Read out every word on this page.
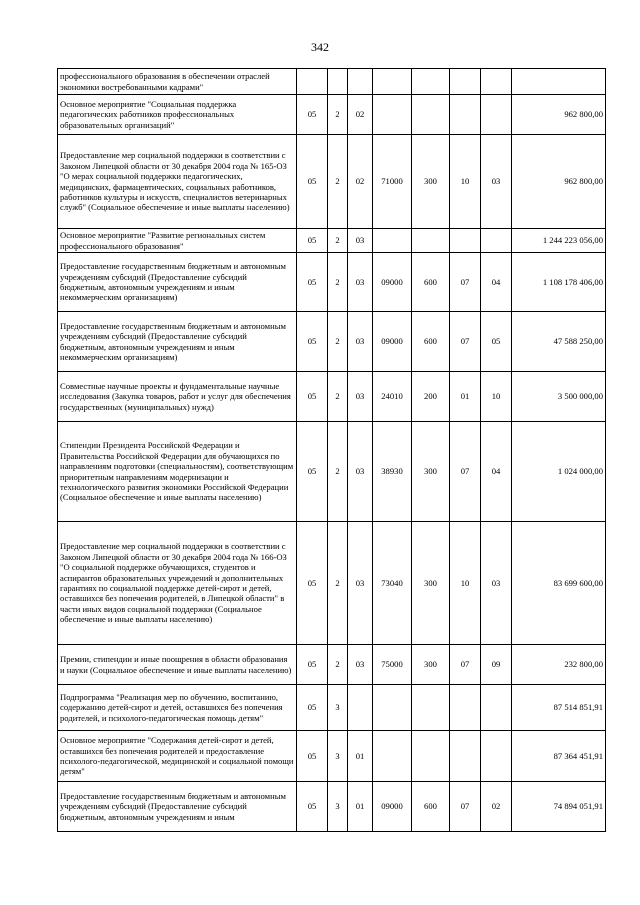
342
профессионального образования в обеспечении отраслей экономики востребованными кадрами"								
Основное мероприятие "Социальная поддержка педагогических работников профессиональных образовательных организаций"	05	2	02					962 800,00
Предоставление мер социальной поддержки в соответствии с Законом Липецкой области от 30 декабря 2004 года № 165-ОЗ "О мерах социальной поддержки педагогических, медицинских, фармацевтических, социальных работников, работников культуры и искусств, специалистов ветеринарных служб" (Социальное обеспечение и иные выплаты населению)	05	2	02	71000	300	10	03	962 800,00
Основное мероприятие "Развитие региональных систем профессионального образования"	05	2	03					1 244 223 056,00
Предоставление государственным бюджетным и автономным учреждениям субсидий (Предоставление субсидий бюджетным, автономным учреждениям и иным некоммерческим организациям)	05	2	03	09000	600	07	04	1 108 178 406,00
Предоставление государственным бюджетным и автономным учреждениям субсидий (Предоставление субсидий бюджетным, автономным учреждениям и иным некоммерческим организациям)	05	2	03	09000	600	07	05	47 588 250,00
Совместные научные проекты и фундаментальные научные исследования (Закупка товаров, работ и услуг для обеспечения государственных (муниципальных) нужд)	05	2	03	24010	200	01	10	3 500 000,00
Стипендии Президента Российской Федерации и Правительства Российской Федерации для обучающихся по направлениям подготовки (специальностям), соответствующим приоритетным направлениям модернизации и технологического развития экономики Российской Федерации (Социальное обеспечение и иные выплаты населению)	05	2	03	38930	300	07	04	1 024 000,00
Предоставление мер социальной поддержки в соответствии с Законом Липецкой области от 30 декабря 2004 года № 166-ОЗ "О социальной поддержке обучающихся, студентов и аспирантов образовательных учреждений и дополнительных гарантиях по социальной поддержке детей-сирот и детей, оставшихся без попечения родителей, в Липецкой области" в части иных видов социальной поддержки (Социальное обеспечение и иные выплаты населению)	05	2	03	73040	300	10	03	83 699 600,00
Премии, стипендии и иные поощрения в области образования и науки (Социальное обеспечение и иные выплаты населению)	05	2	03	75000	300	07	09	232 800,00
Подпрограмма "Реализация мер по обучению, воспитанию, содержанию детей-сирот и детей, оставшихся без попечения родителей, и психолого-педагогическая помощь детям"	05	3						87 514 851,91
Основное мероприятие "Содержания детей-сирот и детей, оставшихся без попечения родителей и предоставление психолого-педагогической, медицинской и социальной помощи детям"	05	3	01					87 364 451,91
Предоставление государственным бюджетным и автономным учреждениям субсидий (Предоставление субсидий бюджетным, автономным учреждениям и иным	05	3	01	09000	600	07	02	74 894 051,91
